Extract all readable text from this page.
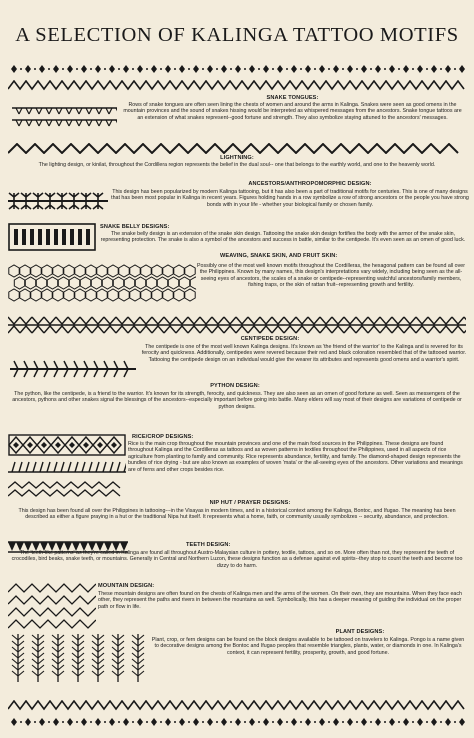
A SELECTION OF KALINGA TATTOO MOTIFS
SNAKE TONGUES:
Rows of snake tongues are often seen lining the chests of women and around the arms in Kalinga. Snakes were seen as good omens in the mountain provinces and the sound of snakes hissing would be interpreted as whispered messages from the ancestors. Snake tongue tattoos are an extension of what snakes represent--good fortune and strength. They also symbolize staying attuned to the ancestors' messages.
LIGHTNING:
The lighting design, or kinilat, throughout the Cordillera region represents the belief in the dual soul-- one that belongs to the earthly world, and one to the heavenly world.
ANCESTORS/ANTHROPOMORPHIC DESIGN:
This design has been popularized by modern Kalinga tattooing, but it has also been a part of traditional motifs for centuries. This is one of many designs that has been most popular in Kalinga in recent years. Figures holding hands in a row symbolize a row of strong ancestors or the people you have strong bonds with in your life - whether your biological family or chosen family.
SNAKE BELLY DESIGNS:
The snake belly design is an extension of the snake skin design. Tattooing the snake skin design fortifies the body with the armor of the snake skin, representing protection. The snake is also a symbol of the ancestors and success in battle, similar to the centipede. It's even seen as an omen of good luck.
WEAVING, SNAKE SKIN, AND FRUIT SKIN:
Possibly one of the most well known motifs throughout the Cordilleras, the hexagonal pattern can be found all over the Philippines. Known by many names, this design's interpretations vary widely, including being seen as the all-seeing eyes of ancestors, the scales of a snake or centipede--representing watchful ancestors/family members, fishing traps, or the skin of rattan fruit--representing growth and fertility.
CENTIPEDE DESIGN:
The centipede is one of the most well known Kalinga designs. It's known as 'the friend of the warrior' to the Kalinga and is revered for its ferocity and quickness. Additionally, centipedes were revered because their red and black coloration resembled that of the tattooed warrior. Tattooing the centipede design on an individual would give the wearer its attributes and represents good omens and a warrior's spirit.
PYTHON DESIGN:
The python, like the centipede, is a friend to the warrior. It's known for its strength, ferocity, and quickness. They are also seen as an omen of good fortune as well. Seen as messengers of the ancestors, pythons and other snakes signal the blessings of the ancestors--especially important before going into battle. Many elders will say most of their designs are variations of centipede or python designs.
RICE/CROP DESIGNS:
Rice is the main crop throughout the mountain provinces and one of the main food sources in the Philippines. These designs are found throughout Kalinga and the Cordilleras as tattoos and as woven patterns in textiles throughout the Philippines, used in all aspects of rice agriculture from planting to family and community. Rice represents abundance, fertility, and family. The diamond-shaped design represents the bundles of rice drying - but are also known as examples of woven 'mata' or the all-seeing eyes of the ancestors. Other variations and meanings are of ferns and other crops besides rice.
NIP HUT / PRAYER DESIGNS:
This design has been found all over the Philippines in tattooing---in the Visayas in modern times, and in a historical context among the Kalinga, Bontoc, and Ifugao. The meaning has been described as either a figure praying in a hut or the traditional Nipa hut itself. It represents what a home, faith, or community usually symbolizes -- security, abundance, and protection.
TEETH DESIGN:
The 'teeth-like patterns' as they're called in Kalinga are found all throughout Austro-Malaysian culture in pottery, textile, tattoos, and so on. More often than not, they represent the teeth of crocodiles, bird beaks, snake teeth, or mountains. Generally in Central and Northern Luzon, these designs function as a defense against evil spirits--they stop to count the teeth and become too dizzy to do harm.
MOUNTAIN DESIGN:
These mountain designs are often found on the chests of Kalinga men and the arms of the women. On their own, they are mountains. When they face each other, they represent the paths and rivers in between the mountains as well. Symbolically, this has a deeper meaning of guiding the individual on the proper path or flow in life.
PLANT DESIGNS:
Plant, crop, or fern designs can be found on the block designs available to be tattooed on travelers to Kalinga. Pongo is a name given to decorative designs among the Bontoc and Ifugao peoples that resemble triangles, plants, water, or diamonds in one. In Kalinga's context, it can represent fertility, prosperity, growth, and good fortune.
